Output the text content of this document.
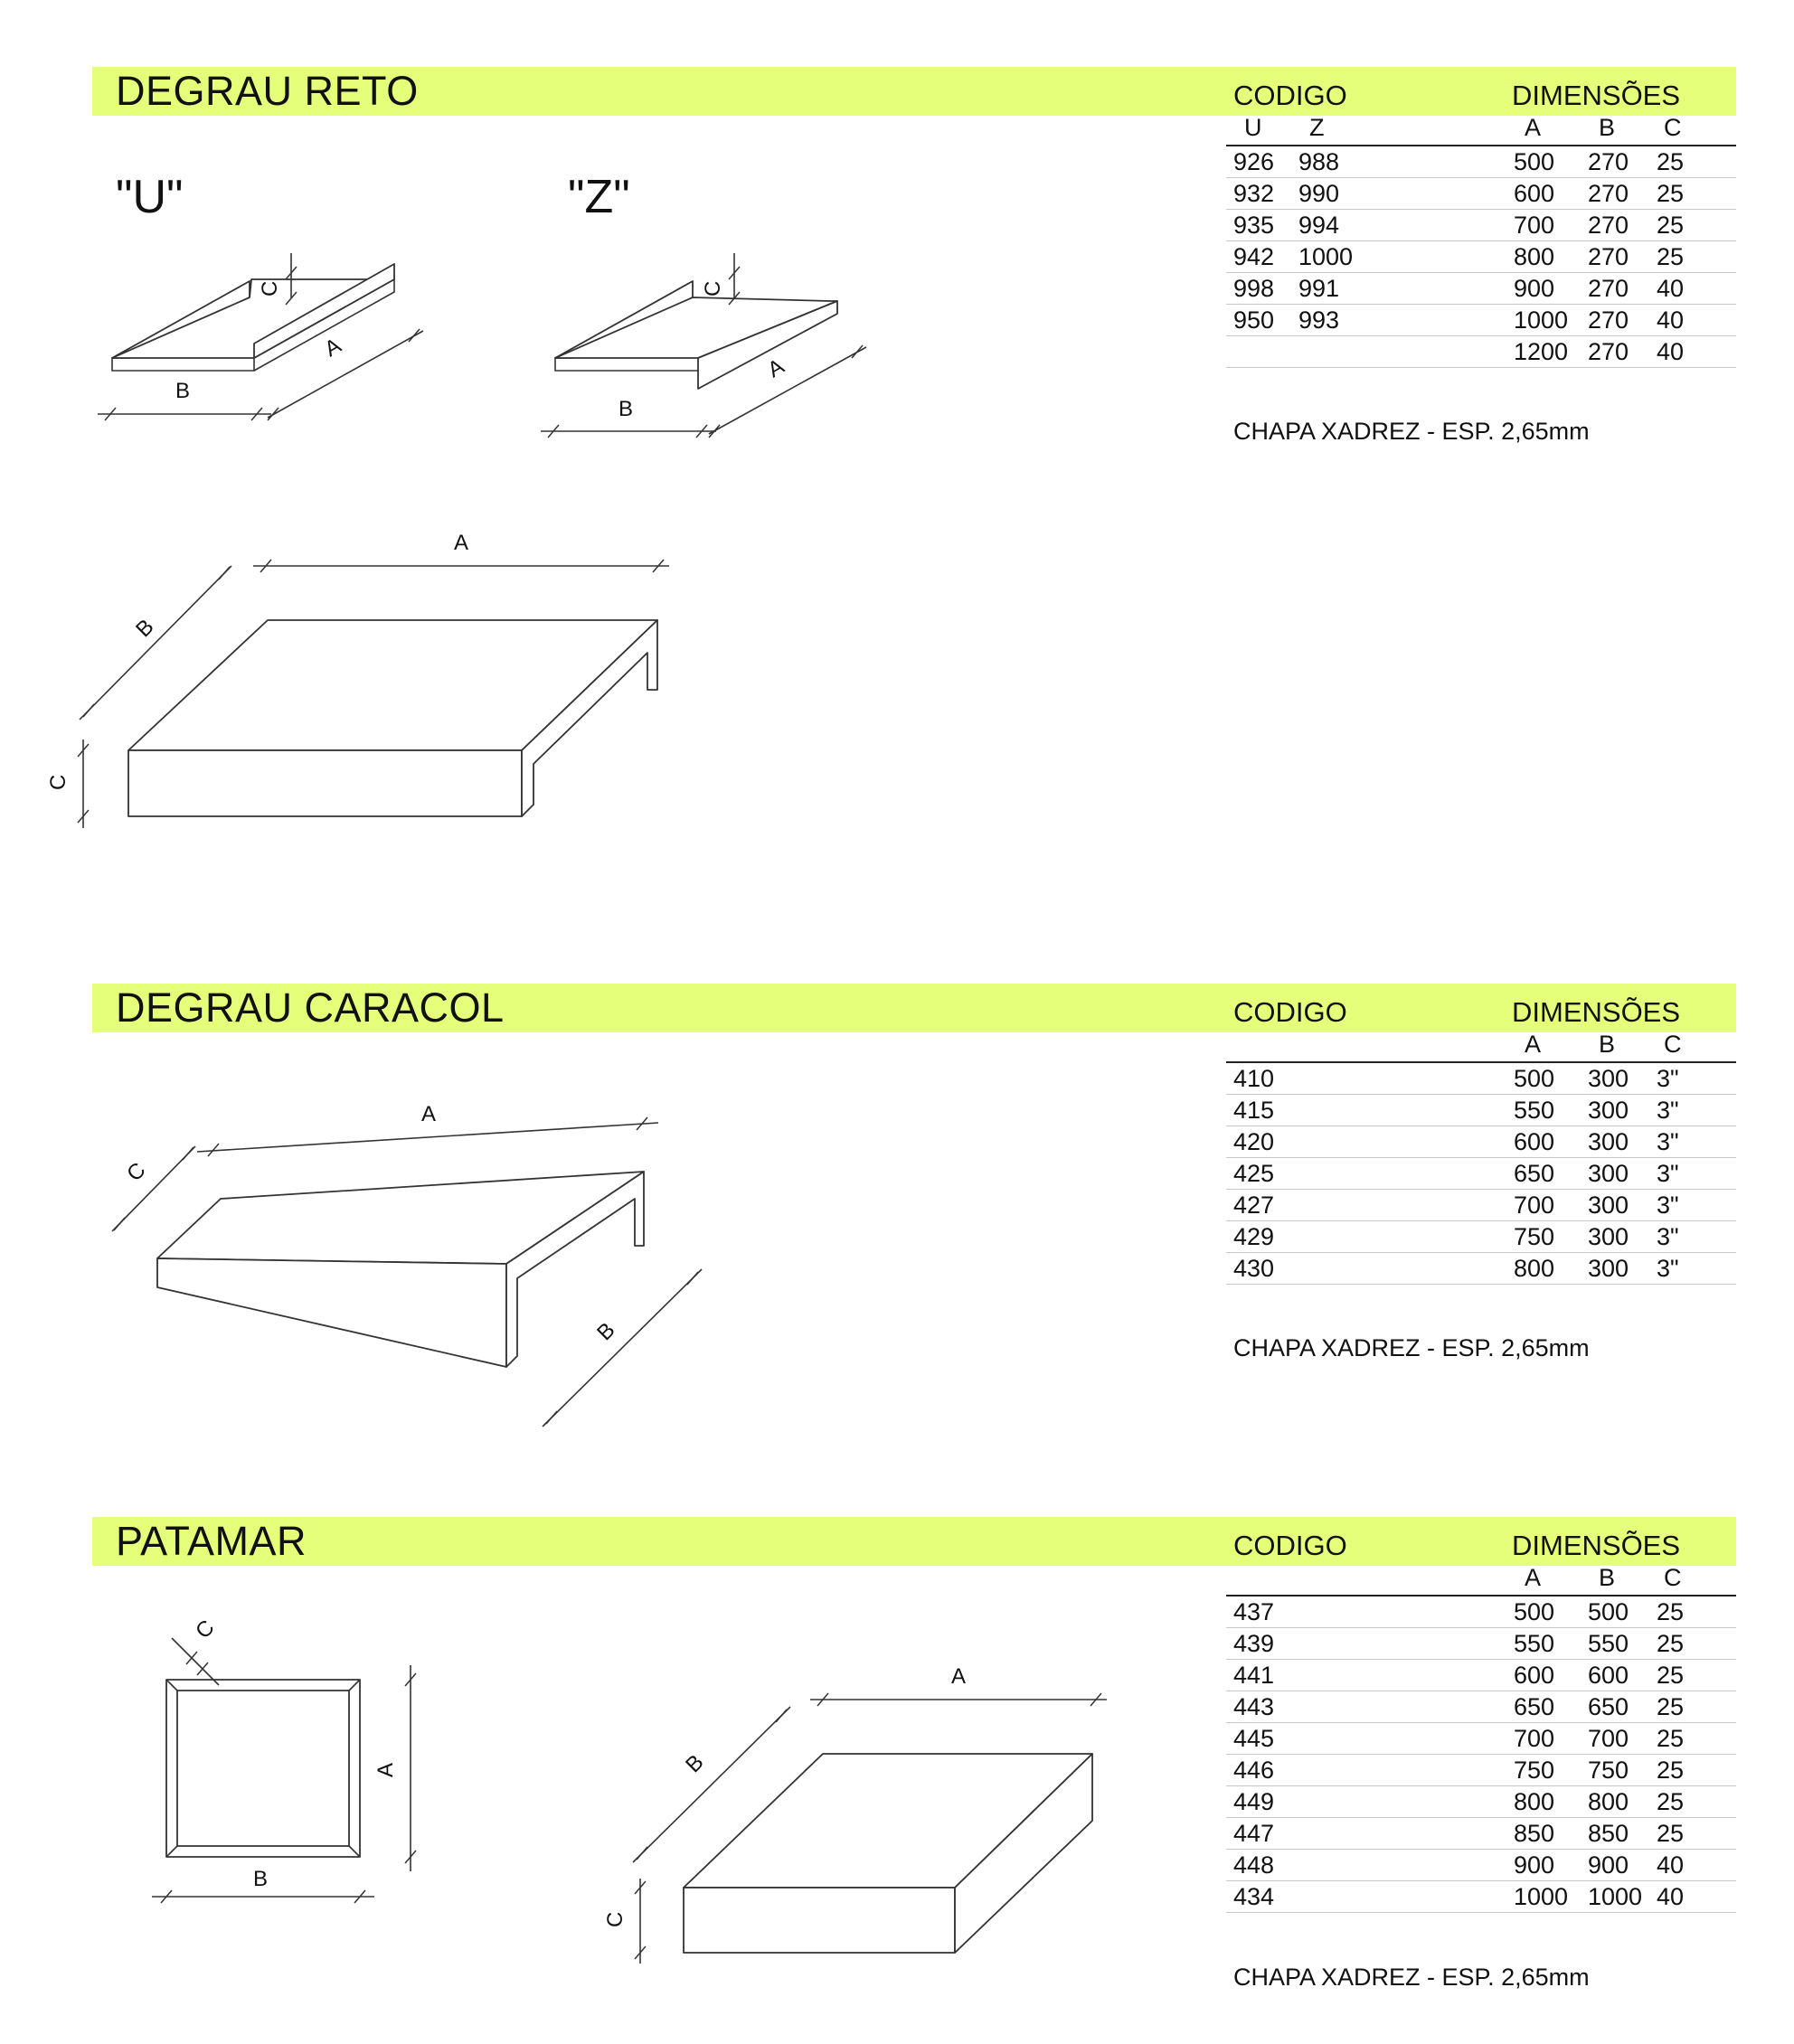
DEGRAU RETO	CODIGO	DIMENSÕES
U Z	A B C
926 988	500 270 25
932 990	600 270 25
935 994	700 270 25
942 1000	800 270 25
998 991	900 270 40
950 993	1000 270 40
1200 270 40
CHAPA XADREZ - ESP. 2,65mm
"U"	"Z"
DEGRAU CARACOL	CODIGO	DIMENSÕES
A B C
410	500 300 3"
415	550 300 3"
420	600 300 3"
425	650 300 3"
427	700 300 3"
429	750 300 3"
430	800 300 3"
CHAPA XADREZ - ESP. 2,65mm
PATAMAR	CODIGO	DIMENSÕES
A B C
437	500 500 25
439	550 550 25
441	600 600 25
443	650 650 25
445	700 700 25
446	750 750 25
449	800 800 25
447	850 850 25
448	900 900 40
434	1000 1000 40
CHAPA XADREZ - ESP. 2,65mm
B
A
C
B
A
C
A
B
C
A
C
B
B
A
C
A
B
C
